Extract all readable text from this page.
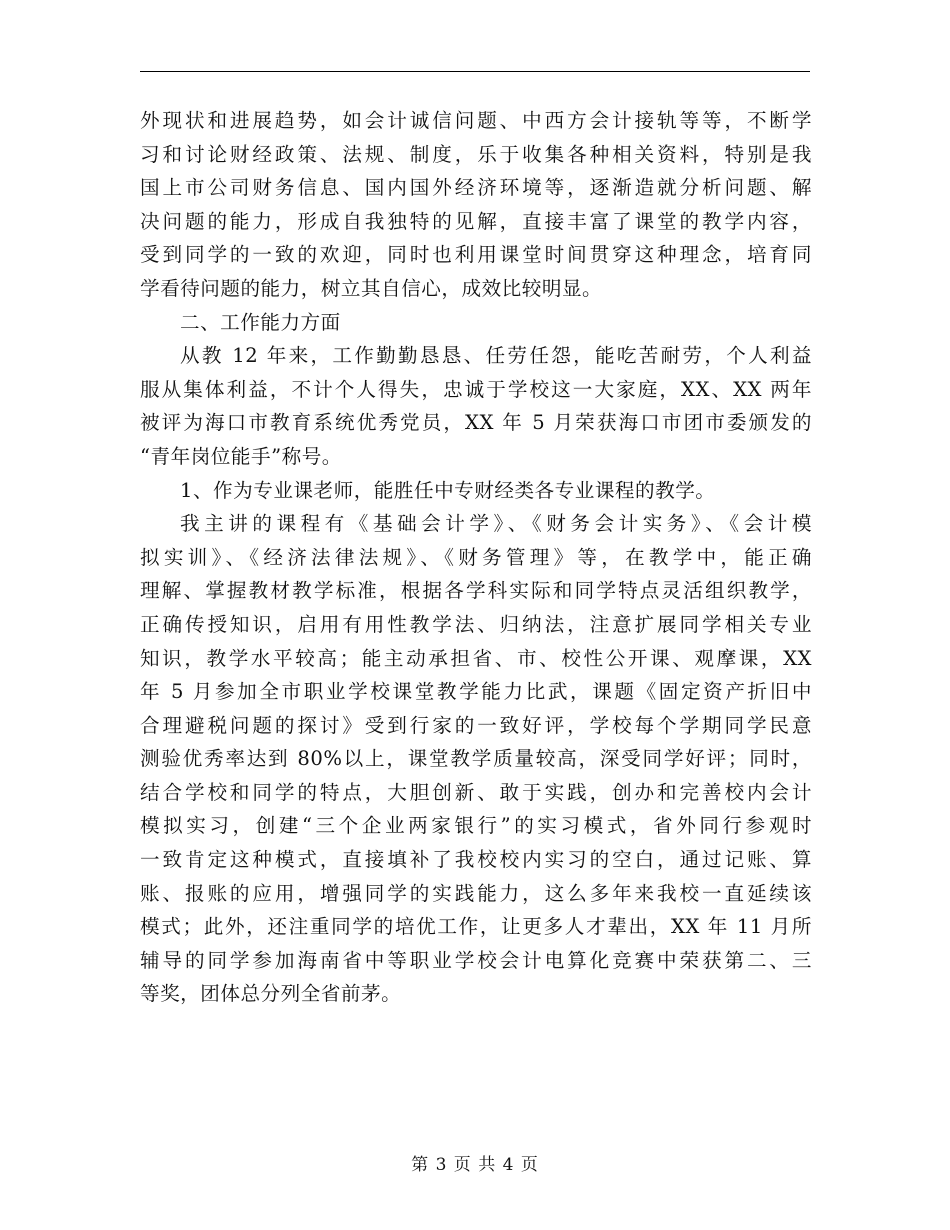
外现状和进展趋势，如会计诚信问题、中西方会计接轨等等，不断学
习和讨论财经政策、法规、制度，乐于收集各种相关资料，特别是我
国上市公司财务信息、国内国外经济环境等，逐渐造就分析问题、解
决问题的能力，形成自我独特的见解，直接丰富了课堂的教学内容，
受到同学的一致的欢迎，同时也利用课堂时间贯穿这种理念，培育同
学看待问题的能力，树立其自信心，成效比较明显。

二、工作能力方面

从教 12 年来，工作勤勤恳恳、任劳任怨，能吃苦耐劳，个人利益
服从集体利益，不计个人得失，忠诚于学校这一大家庭，XX、XX 两年
被评为海口市教育系统优秀党员，XX 年 5 月荣获海口市团市委颁发的
“青年岗位能手”称号。

1、作为专业课老师，能胜任中专财经类各专业课程的教学。

我主讲的课程有《基础会计学》、《财务会计实务》、《会计模
拟实训》、《经济法律法规》、《财务管理》等，在教学中，能正确
理解、掌握教材教学标准，根据各学科实际和同学特点灵活组织教学，
正确传授知识，启用有用性教学法、归纳法，注意扩展同学相关专业
知识，教学水平较高；能主动承担省、市、校性公开课、观摩课，XX
年 5 月参加全市职业学校课堂教学能力比武，课题《固定资产折旧中
合理避税问题的探讨》受到行家的一致好评，学校每个学期同学民意
测验优秀率达到 80%以上，课堂教学质量较高，深受同学好评；同时，
结合学校和同学的特点，大胆创新、敢于实践，创办和完善校内会计
模拟实习，创建“三个企业两家银行”的实习模式，省外同行参观时
一致肯定这种模式，直接填补了我校校内实习的空白，通过记账、算
账、报账的应用，增强同学的实践能力，这么多年来我校一直延续该
模式；此外，还注重同学的培优工作，让更多人才辈出，XX 年 11 月所
辅导的同学参加海南省中等职业学校会计电算化竞赛中荣获第二、三
等奖，团体总分列全省前茅。

第 3 页 共 4 页
